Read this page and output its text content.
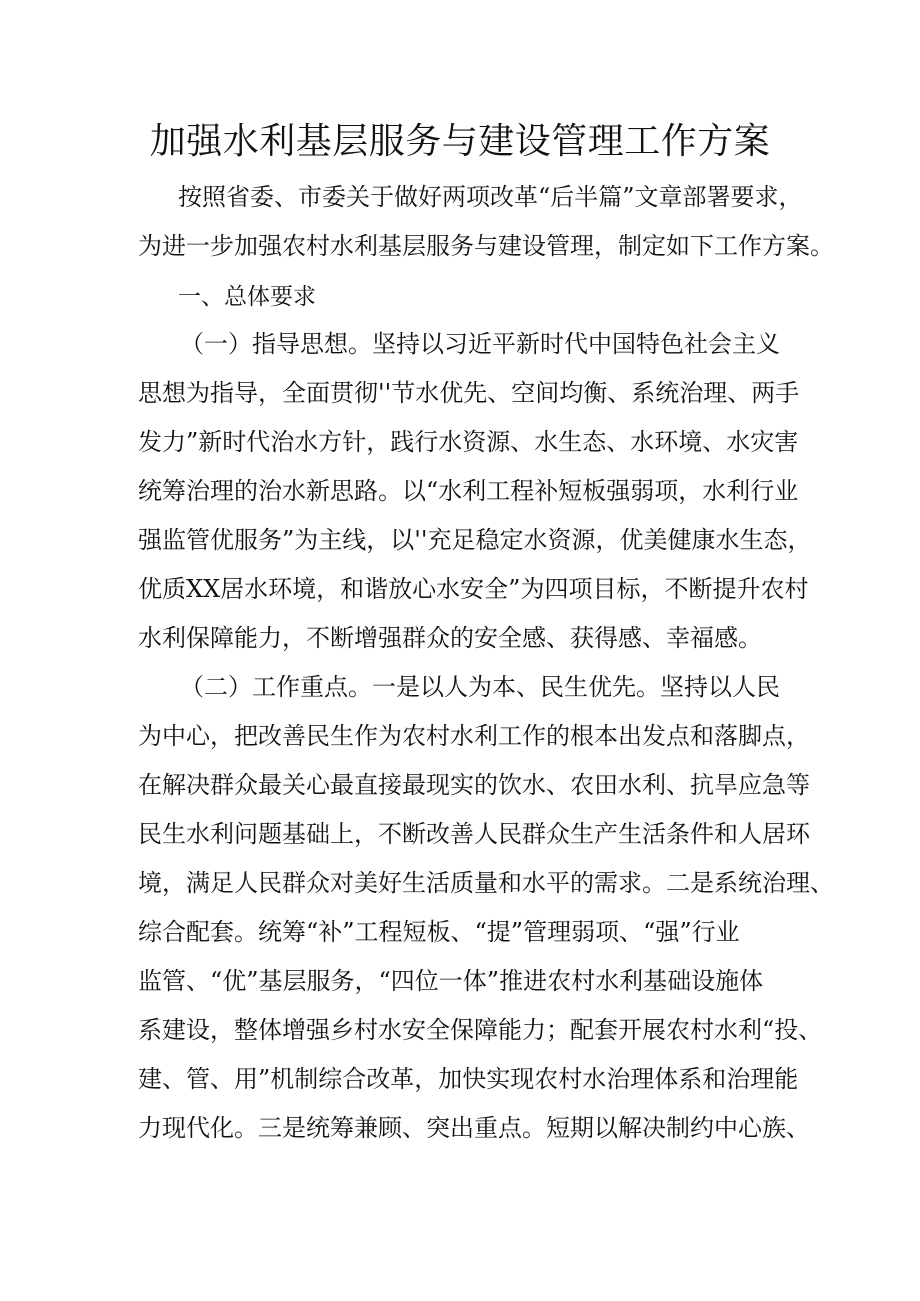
加强水利基层服务与建设管理工作方案
按照省委、市委关于做好两项改革“后半篇”文章部署要求，
为进一步加强农村水利基层服务与建设管理，制定如下工作方案。
一、总体要求
（一）指导思想。坚持以习近平新时代中国特色社会主义
思想为指导，全面贯彻''节水优先、空间均衡、系统治理、两手
发力”新时代治水方针，践行水资源、水生态、水环境、水灾害
统筹治理的治水新思路。以“水利工程补短板强弱项，水利行业
强监管优服务”为主线，以''充足稳定水资源，优美健康水生态，
优质XX居水环境，和谐放心水安全”为四项目标，不断提升农村
水利保障能力，不断增强群众的安全感、获得感、幸福感。
（二）工作重点。一是以人为本、民生优先。坚持以人民
为中心，把改善民生作为农村水利工作的根本出发点和落脚点，
在解决群众最关心最直接最现实的饮水、农田水利、抗旱应急等
民生水利问题基础上，不断改善人民群众生产生活条件和人居环
境，满足人民群众对美好生活质量和水平的需求。二是系统治理、
综合配套。统筹“补”工程短板、“提”管理弱项、“强”行业
监管、“优”基层服务，“四位一体”推进农村水利基础设施体
系建设，整体增强乡村水安全保障能力；配套开展农村水利“投、
建、管、用”机制综合改革，加快实现农村水治理体系和治理能
力现代化。三是统筹兼顾、突出重点。短期以解决制约中心族、
